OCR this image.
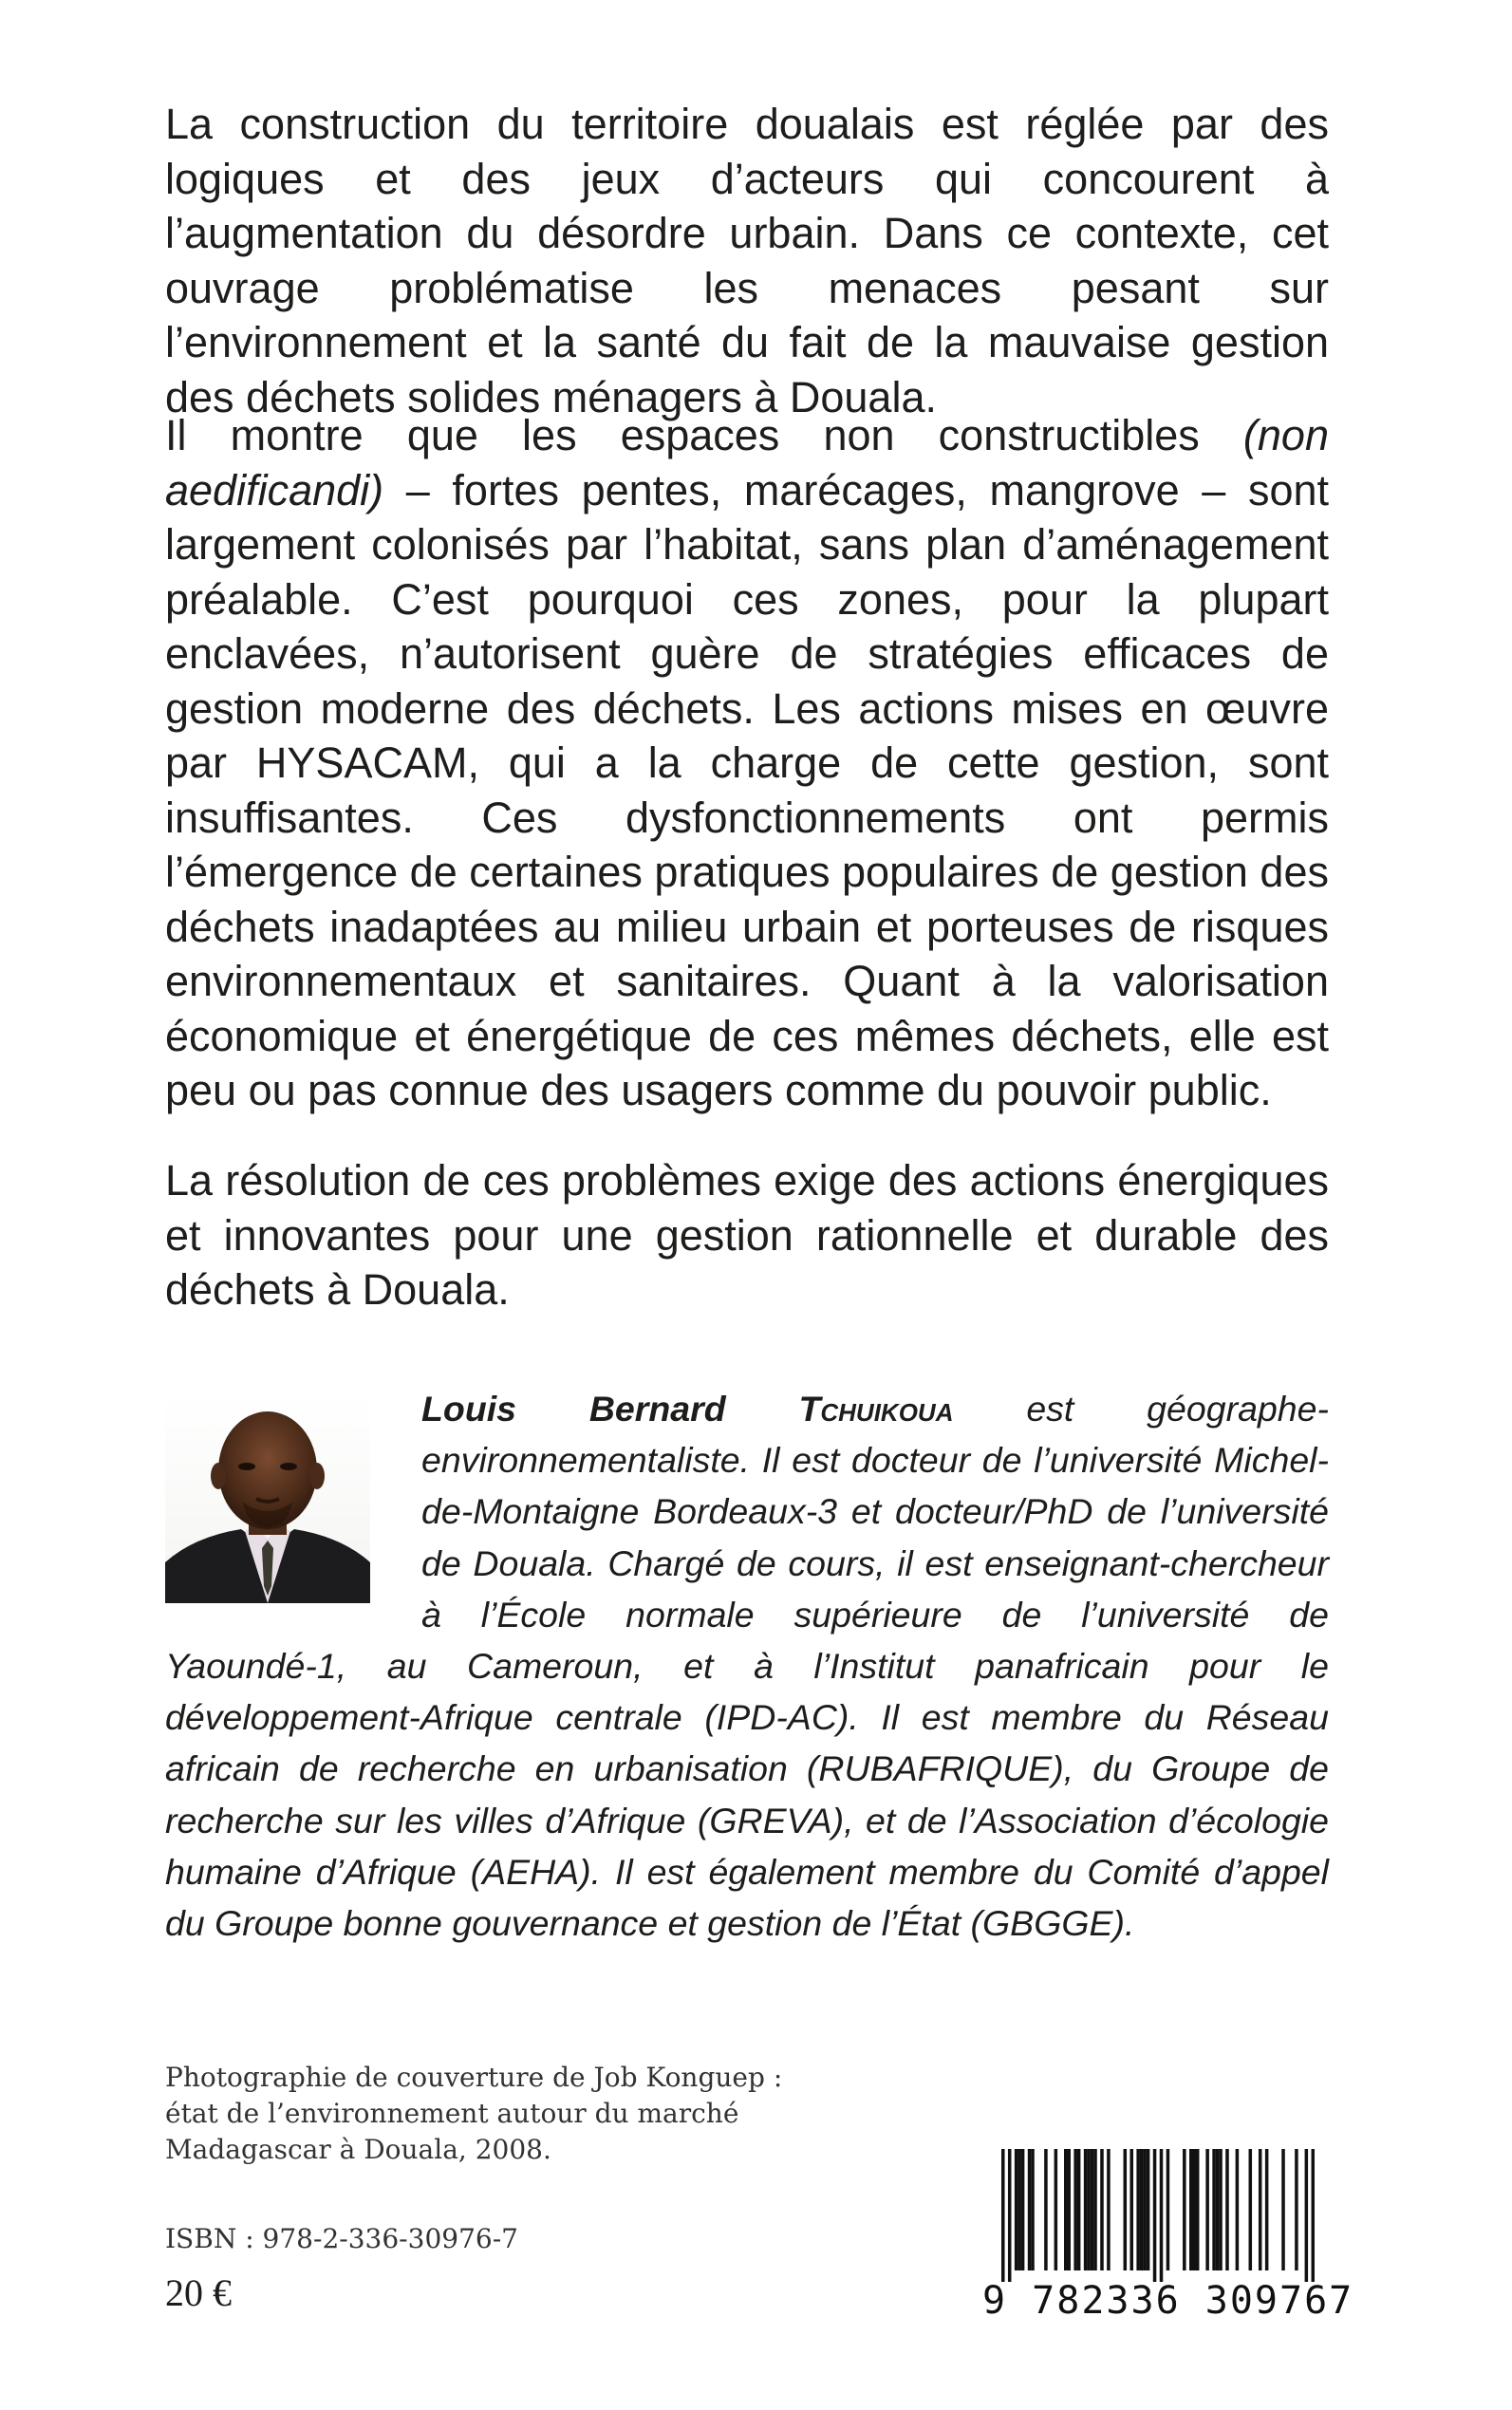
La construction du territoire doualais est réglée par des logiques et des jeux d’acteurs qui concourent à l’augmentation du désordre urbain. Dans ce contexte, cet ouvrage problématise les menaces pesant sur l’environnement et la santé du fait de la mauvaise gestion des déchets solides ménagers à Douala.

Il montre que les espaces non constructibles (non aedificandi) – fortes pentes, marécages, mangrove – sont largement colonisés par l’habitat, sans plan d’aménagement préalable. C’est pourquoi ces zones, pour la plupart enclavées, n’autorisent guère de stratégies efficaces de gestion moderne des déchets. Les actions mises en œuvre par HYSACAM, qui a la charge de cette gestion, sont insuffisantes. Ces dysfonctionnements ont permis l’émergence de certaines pratiques populaires de gestion des déchets inadaptées au milieu urbain et porteuses de risques environnementaux et sanitaires. Quant à la valorisation économique et énergétique de ces mêmes déchets, elle est peu ou pas connue des usagers comme du pouvoir public.

La résolution de ces problèmes exige des actions énergiques et innovantes pour une gestion rationnelle et durable des déchets à Douala.

Louis Bernard Tchuikoua est géographe-environnementaliste. Il est docteur de l’université Michel-de-Montaigne Bordeaux-3 et docteur/PhD de l’université de Douala. Chargé de cours, il est enseignant-chercheur à l’École normale supérieure de l’université de Yaoundé-1, au Cameroun, et à l’Institut panafricain pour le développement-Afrique centrale (IPD-AC). Il est membre du Réseau africain de recherche en urbanisation (RUBAFRIQUE), du Groupe de recherche sur les villes d’Afrique (GREVA), et de l’Association d’écologie humaine d’Afrique (AEHA). Il est également membre du Comité d’appel du Groupe bonne gouvernance et gestion de l’État (GBGGE).
Photographie de couverture de Job Konguep :
état de l’environnement autour du marché
Madagascar à Douala, 2008.
ISBN : 978-2-336-30976-7
20 €	9 782336 309767
